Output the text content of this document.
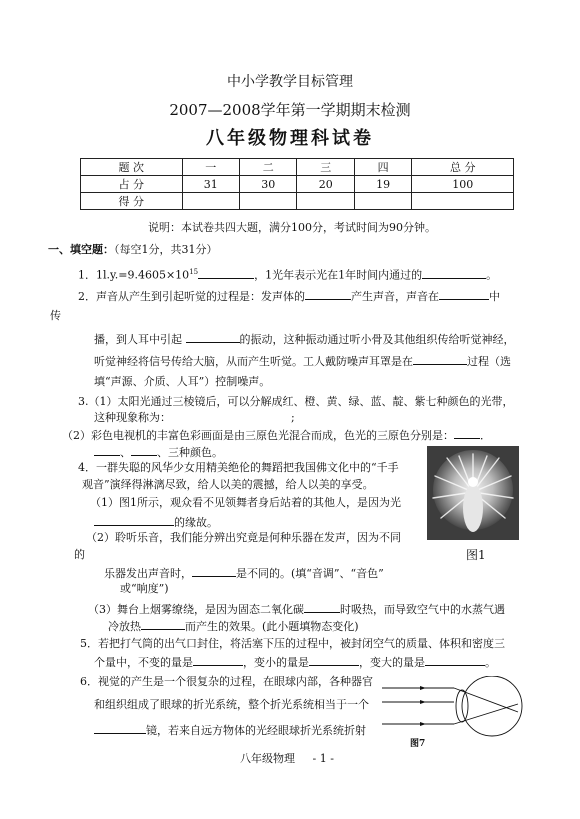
中小学教学目标管理
2007—2008学年第一学期期末检测
八年级物理科试卷
题 次	一	二	三	四	总 分
占 分	31	30	20	19	100
得 分					
说明：本试卷共四大题，满分100分，考试时间为90分钟。
一、填空题：（每空1分，共31分）
1．$1l.y.=9.4605\times 10^{15}$	，1光年表示光在1年时间内通过的	。
2．声音从产生到引起听觉的过程是：发声体的	产生声音，声音在	中
传
播，到人耳中引起	的振动，这种振动通过听小骨及其他组织传给听觉神经，
听觉神经将信号传给大脑，从而产生听觉。工人戴防噪声耳罩是在	过程（选
填“声源、介质、人耳”）控制噪声。
3.（1）太阳光通过三棱镜后，可以分解成红、橙、黄、绿、蓝、靛、紫七种颜色的光带，
这种现象称为：	;
（2）彩色电视机的丰富色彩画面是由三原色光混合而成，色光的三原色分别是： ．
、 、三种颜色。
4．一群失聪的风华少女用精美绝伦的舞蹈把我国佛文化中的“千手
观音”演绎得淋漓尽致，给人以美的震撼，给人以美的享受。
（1）图1所示，观众看不见领舞者身后站着的其他人，是因为光
的缘故。
（2）聆听乐音，我们能分辨出究竟是何种乐器在发声，因为不同
的
乐器发出声音时，	是不同的。(填“音调”、“音色”
或“响度”)
（3）舞台上烟雾缭绕，是因为固态二氧化碳	时吸热，而导致空气中的水蒸气遇
冷放热	而产生的效果。(此小题填物态变化)
图1
5．若把打气筒的出气口封住，将活塞下压的过程中，被封闭空气的质量、体积和密度三
个量中，不变的量是	，变小的量是	，变大的量是	。
6．视觉的产生是一个很复杂的过程，在眼球内部，各种器官
和组织组成了眼球的折光系统，整个折光系统相当于一个
镜，若来自远方物体的光经眼球折光系统折射
图7
八年级物理 - 1 -
